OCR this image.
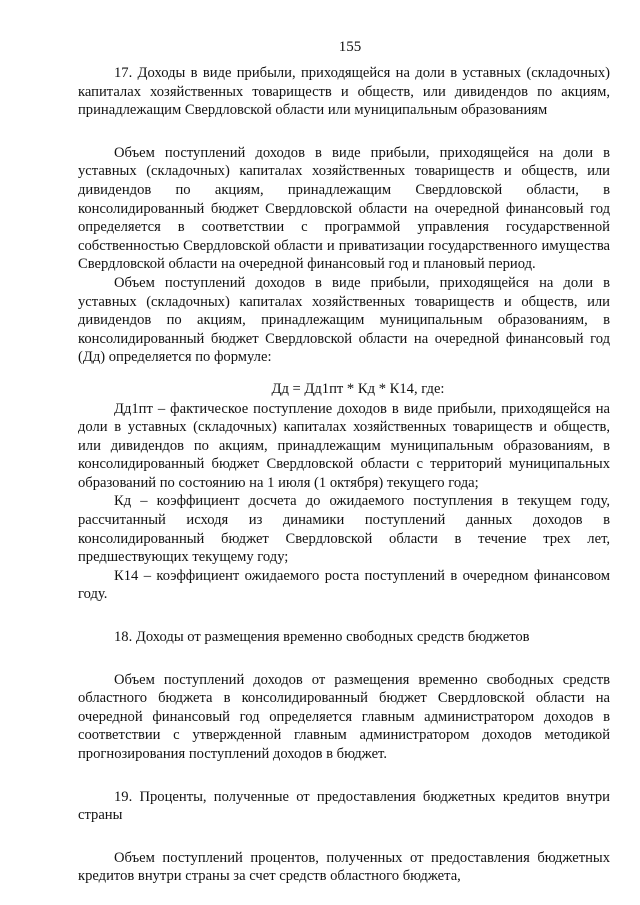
155

17. Доходы в виде прибыли, приходящейся на доли в уставных (складочных) капиталах хозяйственных товариществ и обществ, или дивидендов по акциям, принадлежащим Свердловской области или муниципальным образованиям

Объем поступлений доходов в виде прибыли, приходящейся на доли в уставных (складочных) капиталах хозяйственных товариществ и обществ, или дивидендов по акциям, принадлежащим Свердловской области, в консолидированный бюджет Свердловской области на очередной финансовый год определяется в соответствии с программой управления государственной собственностью Свердловской области и приватизации государственного имущества Свердловской области на очередной финансовый год и плановый период.

Объем поступлений доходов в виде прибыли, приходящейся на доли в уставных (складочных) капиталах хозяйственных товариществ и обществ, или дивидендов по акциям, принадлежащим муниципальным образованиям, в консолидированный бюджет Свердловской области на очередной финансовый год (Дд) определяется по формуле:

Дд = Дд1пт * Кд * К14, где:

Дд1пт – фактическое поступление доходов в виде прибыли, приходящейся на доли в уставных (складочных) капиталах хозяйственных товариществ и обществ, или дивидендов по акциям, принадлежащим муниципальным образованиям, в консолидированный бюджет Свердловской области с территорий муниципальных образований по состоянию на 1 июля (1 октября) текущего года;

Кд – коэффициент досчета до ожидаемого поступления в текущем году, рассчитанный исходя из динамики поступлений данных доходов в консолидированный бюджет Свердловской области в течение трех лет, предшествующих текущему году;

К14 – коэффициент ожидаемого роста поступлений в очередном финансовом году.

18. Доходы от размещения временно свободных средств бюджетов

Объем поступлений доходов от размещения временно свободных средств областного бюджета в консолидированный бюджет Свердловской области на очередной финансовый год определяется главным администратором доходов в соответствии с утвержденной главным администратором доходов методикой прогнозирования поступлений доходов в бюджет.

19. Проценты, полученные от предоставления бюджетных кредитов внутри страны

Объем поступлений процентов, полученных от предоставления бюджетных кредитов внутри страны за счет средств областного бюджета,
